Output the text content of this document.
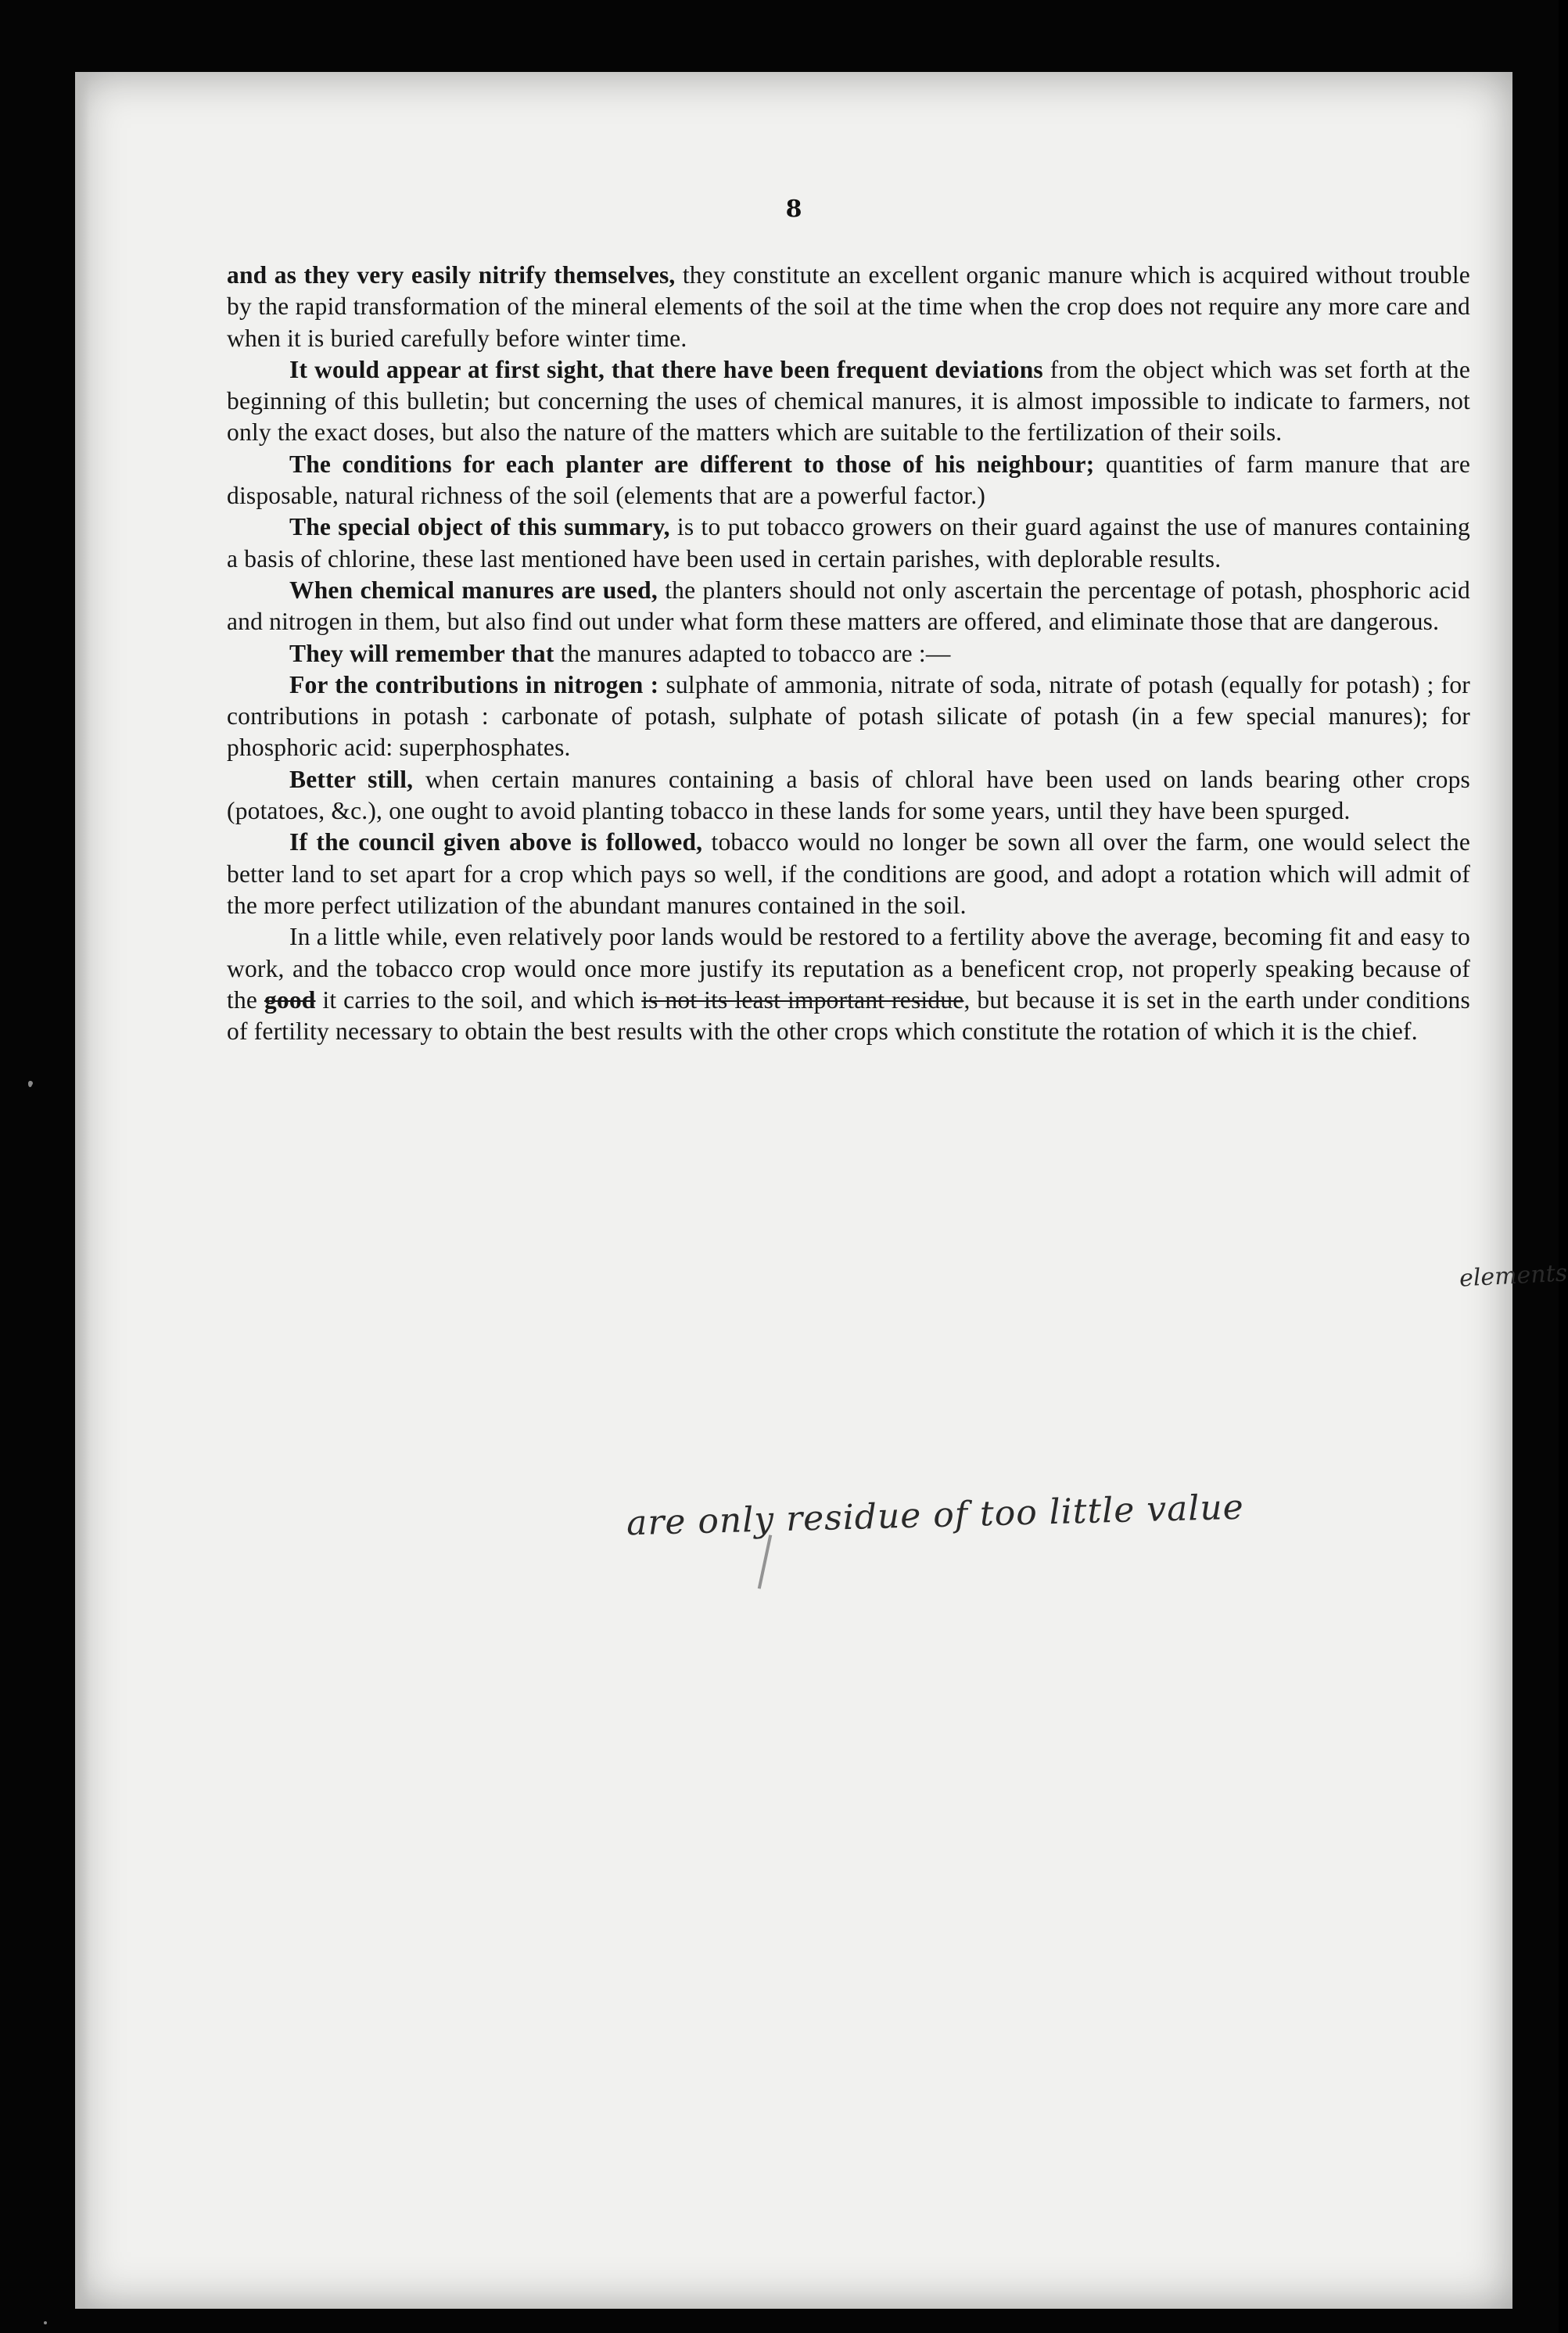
8

and as they very easily nitrify themselves, they constitute an excellent organic manure which is acquired without trouble by the rapid transformation of the mineral elements of the soil at the time when the crop does not require any more care and when it is buried carefully before winter time.

It would appear at first sight, that there have been frequent deviations from the object which was set forth at the beginning of this bulletin; but concerning the uses of chemical manures, it is almost impossible to indicate to farmers, not only the exact doses, but also the nature of the matters which are suitable to the fertilization of their soils.

The conditions for each planter are different to those of his neighbour; quantities of farm manure that are disposable, natural richness of the soil (elements that are a powerful factor.)

The special object of this summary, is to put tobacco growers on their guard against the use of manures containing a basis of chlorine, these last mentioned have been used in certain parishes, with deplorable results.

When chemical manures are used, the planters should not only ascertain the percentage of potash, phosphoric acid and nitrogen in them, but also find out under what form these matters are offered, and eliminate those that are dangerous.

They will remember that the manures adapted to tobacco are :—

For the contributions in nitrogen : sulphate of ammonia, nitrate of soda, nitrate of potash (equally for potash) ; for contributions in potash : carbonate of potash, sulphate of potash silicate of potash (in a few special manures); for phosphoric acid: superphosphates.

Better still, when certain manures containing a basis of chloral have been used on lands bearing other crops (potatoes, &c.), one ought to avoid planting tobacco in these lands for some years, until they have been spurged.

If the council given above is followed, tobacco would no longer be sown all over the farm, one would select the better land to set apart for a crop which pays so well, if the conditions are good, and adopt a rotation which will admit of the more perfect utilization of the abundant manures contained in the soil.

In a little while, even relatively poor lands would be restored to a fertility above the average, becoming fit and easy to work, and the tobacco crop would once more justify its reputation as a beneficent crop, not properly speaking because of the good it carries to the soil, and which is not its least important residue, but because it is set in the earth under conditions of fertility necessary to obtain the best results with the other crops which constitute the rotation of which it is the chief.

elements
are only residue of too little value
